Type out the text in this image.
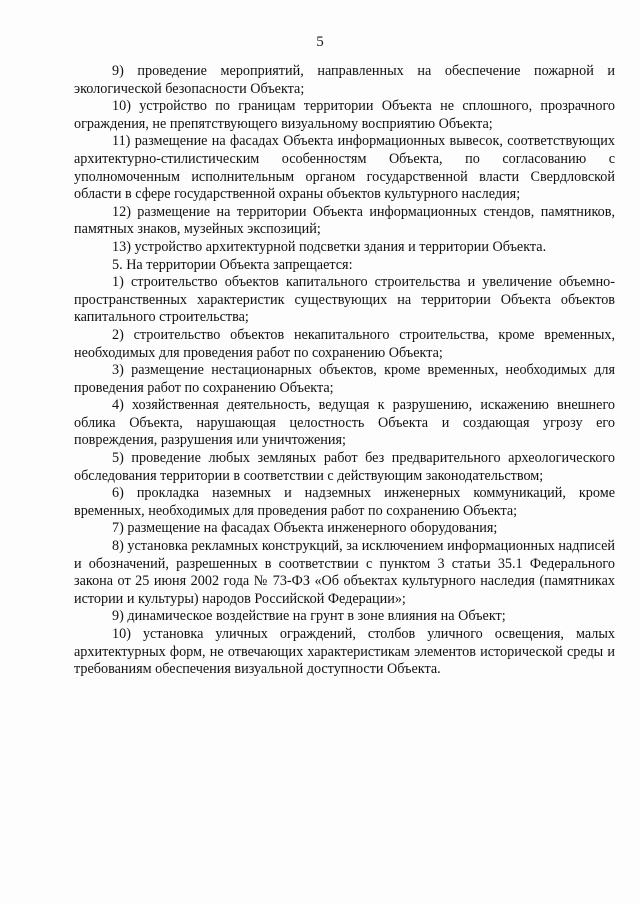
5

9) проведение мероприятий, направленных на обеспечение пожарной и экологической безопасности Объекта;

10) устройство по границам территории Объекта не сплошного, прозрачного ограждения, не препятствующего визуальному восприятию Объекта;

11) размещение на фасадах Объекта информационных вывесок, соответствующих архитектурно-стилистическим особенностям Объекта, по согласованию с уполномоченным исполнительным органом государственной власти Свердловской области в сфере государственной охраны объектов культурного наследия;

12) размещение на территории Объекта информационных стендов, памятников, памятных знаков, музейных экспозиций;

13) устройство архитектурной подсветки здания и территории Объекта.

5. На территории Объекта запрещается:

1) строительство объектов капитального строительства и увеличение объемно-пространственных характеристик существующих на территории Объекта объектов капитального строительства;

2) строительство объектов некапитального строительства, кроме временных, необходимых для проведения работ по сохранению Объекта;

3) размещение нестационарных объектов, кроме временных, необходимых для проведения работ по сохранению Объекта;

4) хозяйственная деятельность, ведущая к разрушению, искажению внешнего облика Объекта, нарушающая целостность Объекта и создающая угрозу его повреждения, разрушения или уничтожения;

5) проведение любых земляных работ без предварительного археологического обследования территории в соответствии с действующим законодательством;

6) прокладка наземных и надземных инженерных коммуникаций, кроме временных, необходимых для проведения работ по сохранению Объекта;

7) размещение на фасадах Объекта инженерного оборудования;

8) установка рекламных конструкций, за исключением информационных надписей и обозначений, разрешенных в соответствии с пунктом 3 статьи 35.1 Федерального закона от 25 июня 2002 года № 73-ФЗ «Об объектах культурного наследия (памятниках истории и культуры) народов Российской Федерации»;

9) динамическое воздействие на грунт в зоне влияния на Объект;

10) установка уличных ограждений, столбов уличного освещения, малых архитектурных форм, не отвечающих характеристикам элементов исторической среды и требованиям обеспечения визуальной доступности Объекта.
